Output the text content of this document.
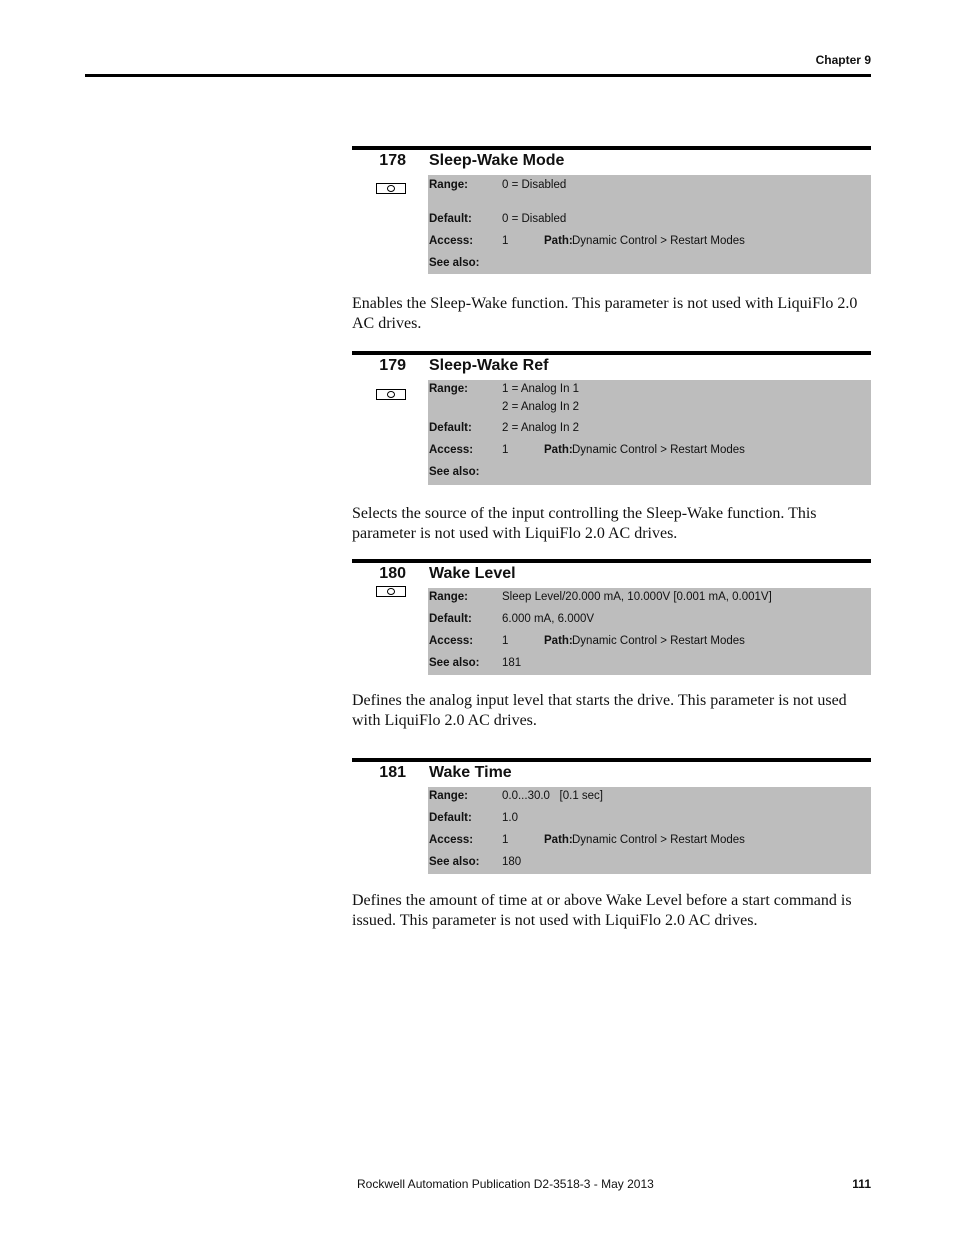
Chapter 9
178 Sleep-Wake Mode
Range:	0 = Disabled
Default:	0 = Disabled
Access:	1	Path: Dynamic Control > Restart Modes
See also:
Enables the Sleep-Wake function. This parameter is not used with LiquiFlo 2.0 AC drives.
179 Sleep-Wake Ref
Range:	1 = Analog In 1
2 = Analog In 2
Default:	2 = Analog In 2
Access:	1	Path: Dynamic Control > Restart Modes
See also:
Selects the source of the input controlling the Sleep-Wake function. This parameter is not used with LiquiFlo 2.0 AC drives.
180 Wake Level
Range:	Sleep Level/20.000 mA, 10.000V [0.001 mA, 0.001V]
Default:	6.000 mA, 6.000V
Access:	1	Path: Dynamic Control > Restart Modes
See also: 181
Defines the analog input level that starts the drive. This parameter is not used with LiquiFlo 2.0 AC drives.
181 Wake Time
Range:	0.0...30.0   [0.1 sec]
Default:	1.0
Access:	1	Path: Dynamic Control > Restart Modes
See also: 180
Defines the amount of time at or above Wake Level before a start command is issued. This parameter is not used with LiquiFlo 2.0 AC drives.
Rockwell Automation Publication D2-3518-3 - May 2013	111
